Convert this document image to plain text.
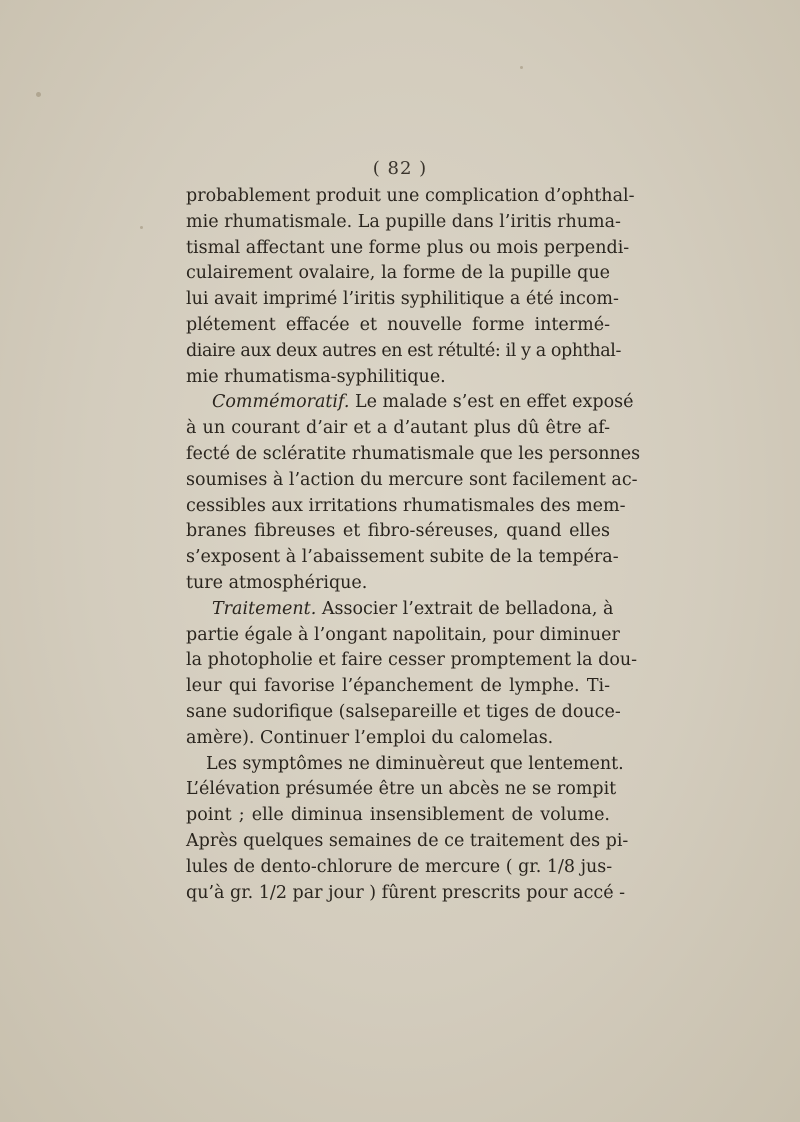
( 82 )
probablement produit une complication d’ophthal-
mie rhumatismale. La pupille dans l’iritis rhuma-
tismal affectant une forme plus ou mois perpendi-
culairement ovalaire, la forme de la pupille que
lui avait imprimé l’iritis syphilitique a été incom-
plétement effacée et nouvelle forme intermé-
diaire aux deux autres en est rétulté: il y a ophthal-
mie rhumatisma-syphilitique.
Commémoratif. Le malade s’est en effet exposé
à un courant d’air et a d’autant plus dû être af-
fecté de sclératite rhumatismale que les personnes
soumises à l’action du mercure sont facilement ac-
cessibles aux irritations rhumatismales des mem-
branes fibreuses et fibro-séreuses, quand elles
s’exposent à l’abaissement subite de la tempéra-
ture atmosphérique.
Traitement. Associer l’extrait de belladona, à
partie égale à l’ongant napolitain, pour diminuer
la photopholie et faire cesser promptement la dou-
leur qui favorise l’épanchement de lymphe. Ti-
sane sudorifique (salsepareille et tiges de douce-
amère). Continuer l’emploi du calomelas.
Les symptômes ne diminuèreut que lentement.
L’élévation présumée être un abcès ne se rompit
point ; elle diminua insensiblement de volume.
Après quelques semaines de ce traitement des pi-
lules de dento-chlorure de mercure ( gr. 1/8 jus-
qu’à gr. 1/2 par jour ) fûrent prescrits pour accé -
